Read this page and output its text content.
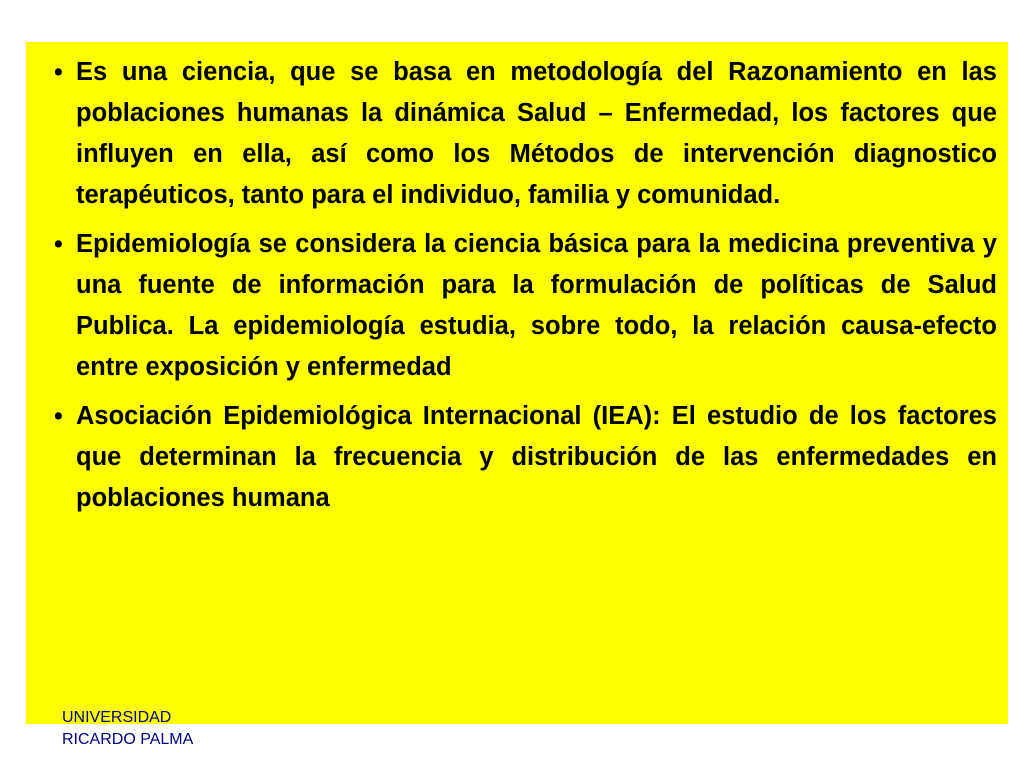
• Es una ciencia, que se basa en metodología del Razonamiento en las poblaciones humanas la dinámica Salud – Enfermedad, los factores que influyen en ella, así como los Métodos de intervención diagnostico terapéuticos, tanto para el individuo, familia y comunidad.

• Epidemiología se considera la ciencia básica para la medicina preventiva y una fuente de información para la formulación de políticas de Salud Publica. La epidemiología estudia, sobre todo, la relación causa-efecto entre exposición y enfermedad

• Asociación Epidemiológica Internacional (IEA): El estudio de los factores que determinan la frecuencia y distribución de las enfermedades en poblaciones humana

UNIVERSIDAD
RICARDO PALMA
